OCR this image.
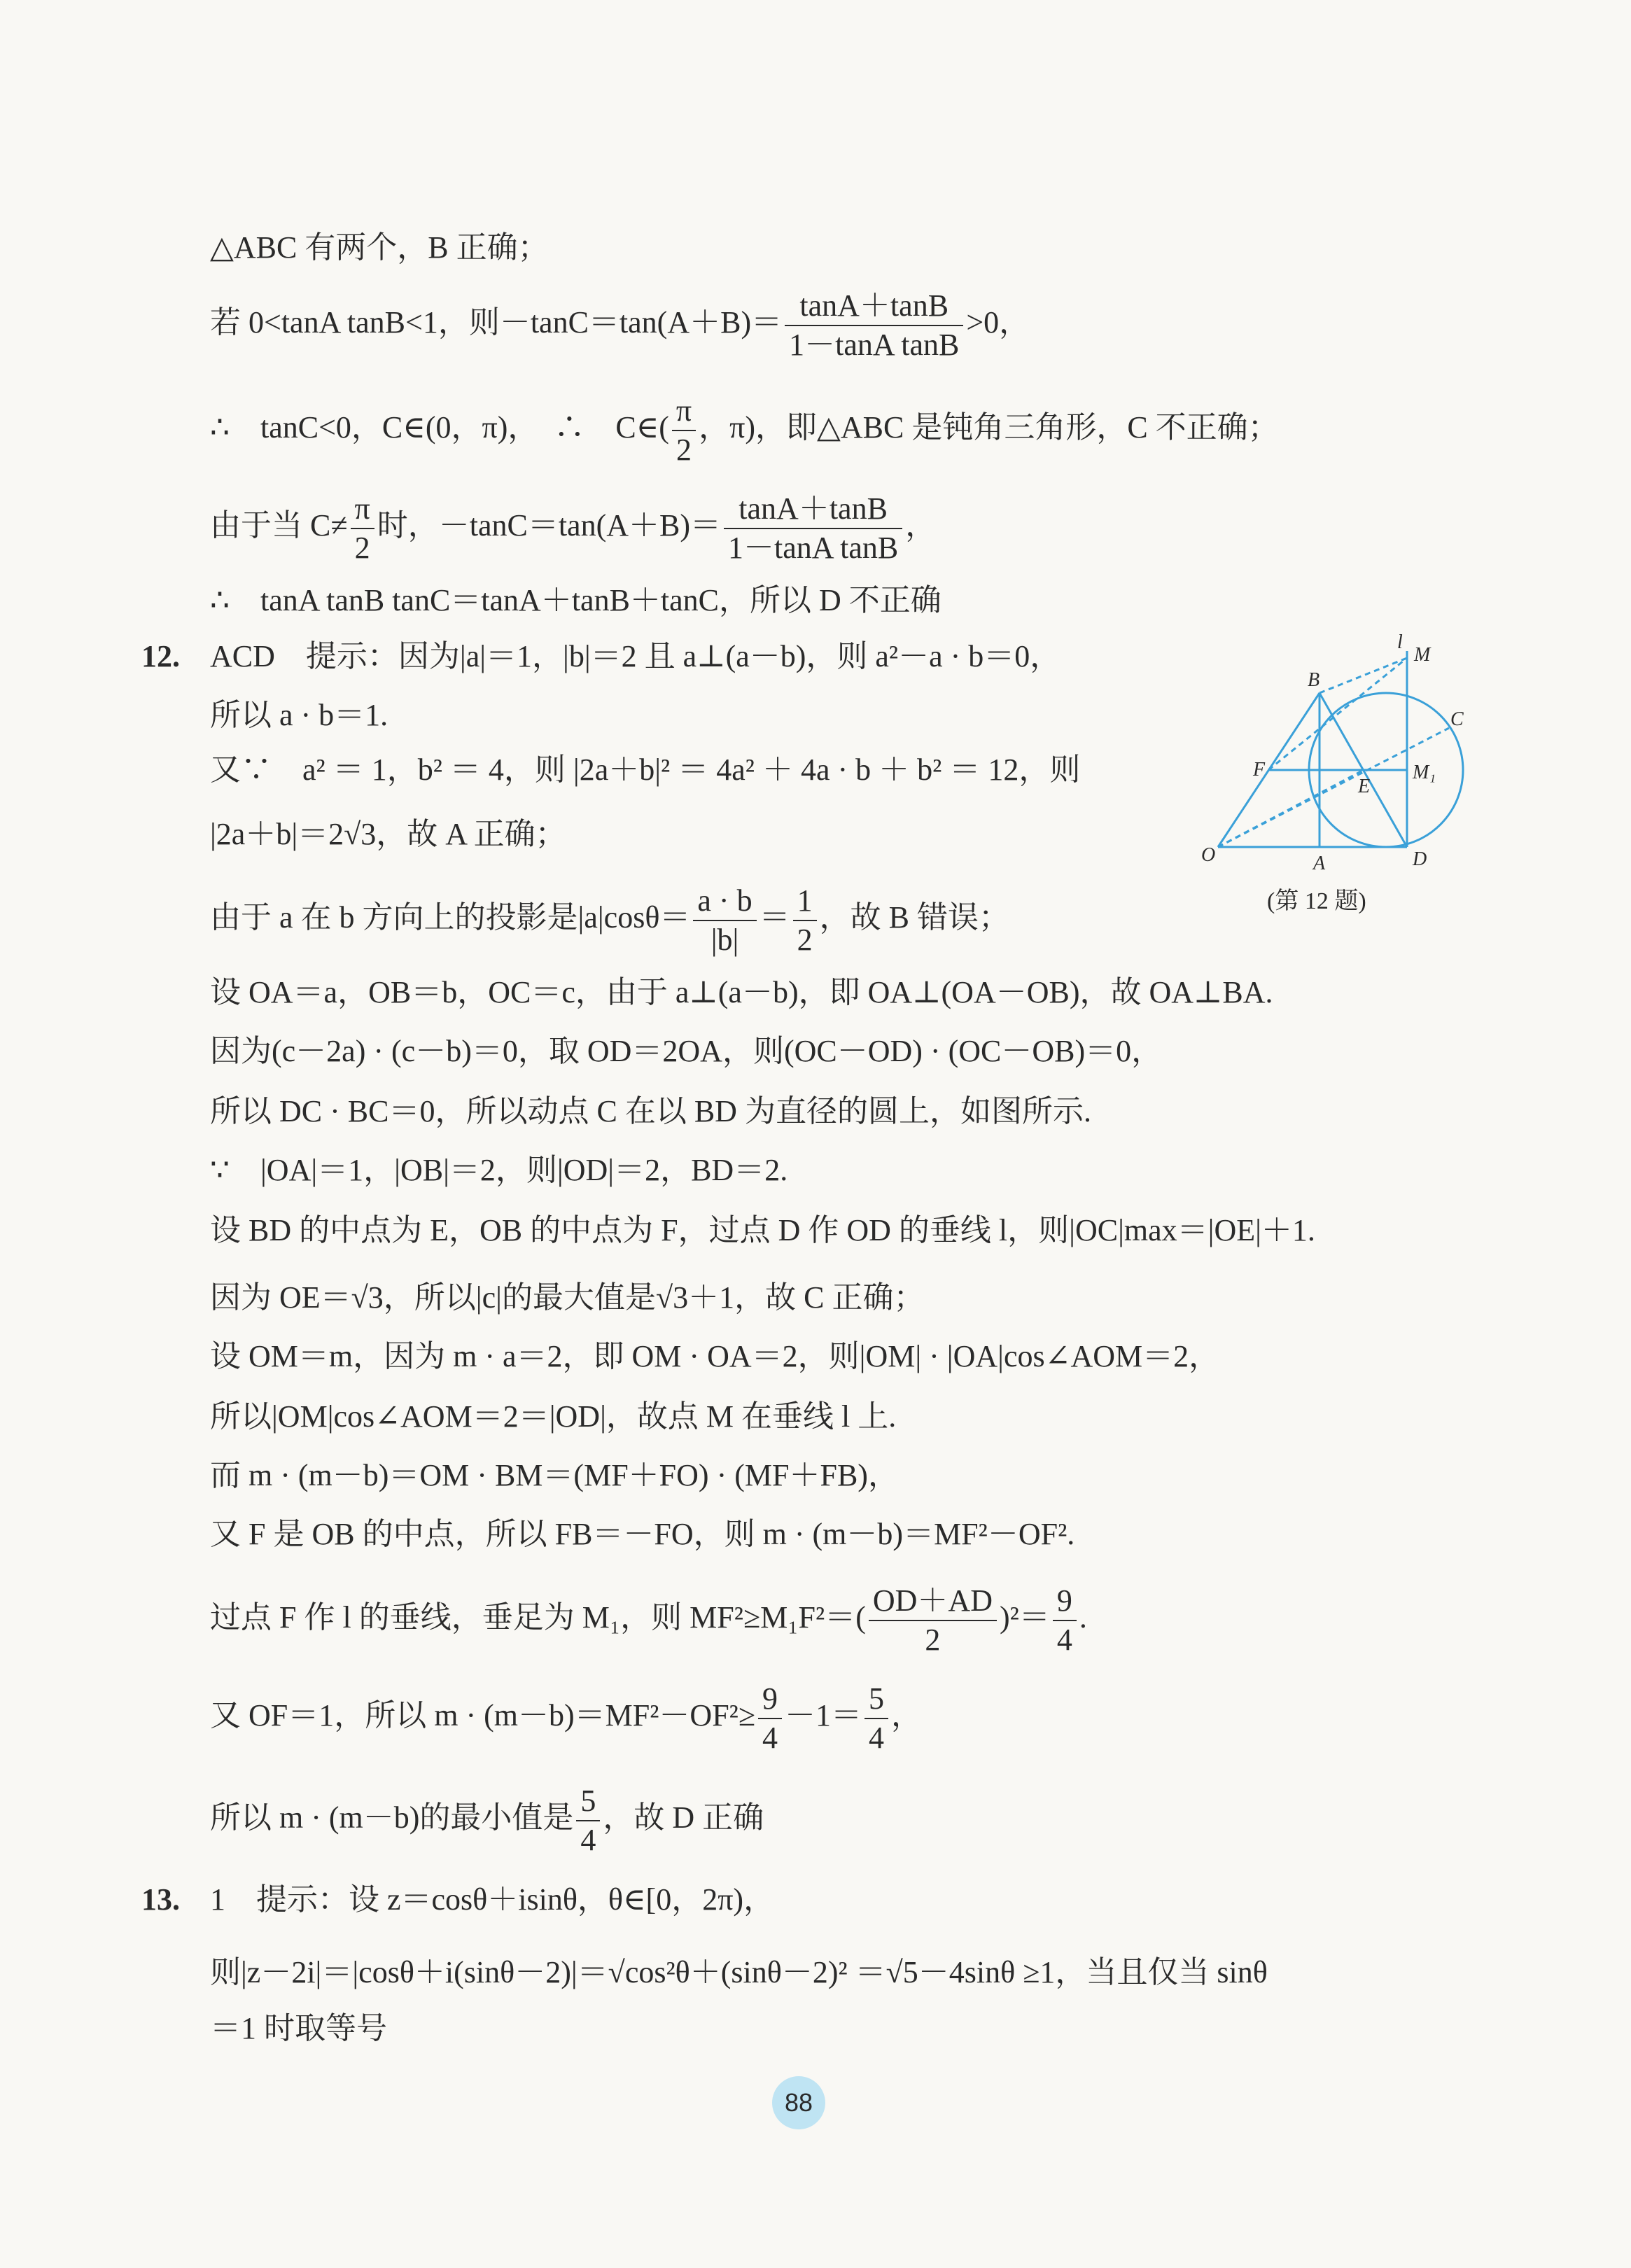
△ABC 有两个，B 正确；
若 0<tanA tanB<1，则$-\tan C=\tan(A+B)= \frac{\tan A+\tan B}{\text{1－tanA tanB}} >0$，
∴　tanC<0，C∈(0，π)，　∴　C∈( $\frac{\pi}{2}$ ，π)，即△ABC 是钝角三角形，C 不正确；
由于当 $C\ne \frac{\pi}{2}$ 时，$-\tan C=\tan(A+B)= \frac{\tan A+\tan B}{\text{1－tanA tanB}}$ ，
∴　tanA tanB tanC＝tanA＋tanB＋tanC，所以 D 不正确
12. ACD　提示：因为|a|＝1，|b|＝2 且 a⊥(a－b)，则 a²－a · b＝0，
所以 a · b＝1.
又∵　a² ＝ 1，b² ＝ 4，则 |2a＋b|² ＝ 4a² ＋ 4a · b ＋ b² ＝ 12，则
|2a＋b|＝2√3，故 A 正确；
由于 a 在 b 方向上的投影是$|a|\cos\theta= \frac{a \cdot b}{|b|} = \frac{1}{2}$ ，故 B 错误；
设 OA＝a，OB＝b，OC＝c，由于 a⊥(a－b)，即 OA⊥(OA－OB)，故 OA⊥BA.
因为(c－2a) · (c－b)＝0，取 OD＝2OA，则(OC－OD) · (OC－OB)＝0，
所以 DC · BC＝0，所以动点 C 在以 BD 为直径的圆上，如图所示.
∵　|OA|＝1，|OB|＝2，则|OD|＝2，BD＝2.
设 BD 的中点为 E，OB 的中点为 F，过点 D 作 OD 的垂线 l，则|OC|max＝|OE|＋1.
因为 OE＝√3，所以|c|的最大值是√3＋1，故 C 正确；
设 OM＝m，因为 m · a＝2，即 OM · OA＝2，则|OM| · |OA|cos∠AOM＝2，
所以|OM|cos∠AOM＝2＝|OD|，故点 M 在垂线 l 上.
而 m · (m－b)＝OM · BM＝(MF＋FO) · (MF＋FB)，
又 F 是 OB 的中点，所以 FB＝－FO，则 m · (m－b)＝MF²－OF².
过点 F 作 l 的垂线，垂足为 M₁，则 $MF^2\ge M_1F^2=( \frac{OD+AD}{2} )^2= \frac{9}{4}$ .
又 OF＝1，所以 $m \cdot (m-b)=MF^2-OF^2\ge \frac{9}{4} -1= \frac{5}{4}$ ，
所以 m · (m－b)的最小值是 $\frac{5}{4}$ ，故 D 正确
l
M
B
C
F
E
M₁
O	A	D
(第 12 题)
13. 1　提示：设 z＝cosθ＋isinθ，θ∈[0，2π)，
则|z－2i|＝|cosθ＋i(sinθ－2)|＝√cos²θ＋(sinθ－2)² ＝√5－4sinθ ≥1，当且仅当 sinθ
＝1 时取等号
88
